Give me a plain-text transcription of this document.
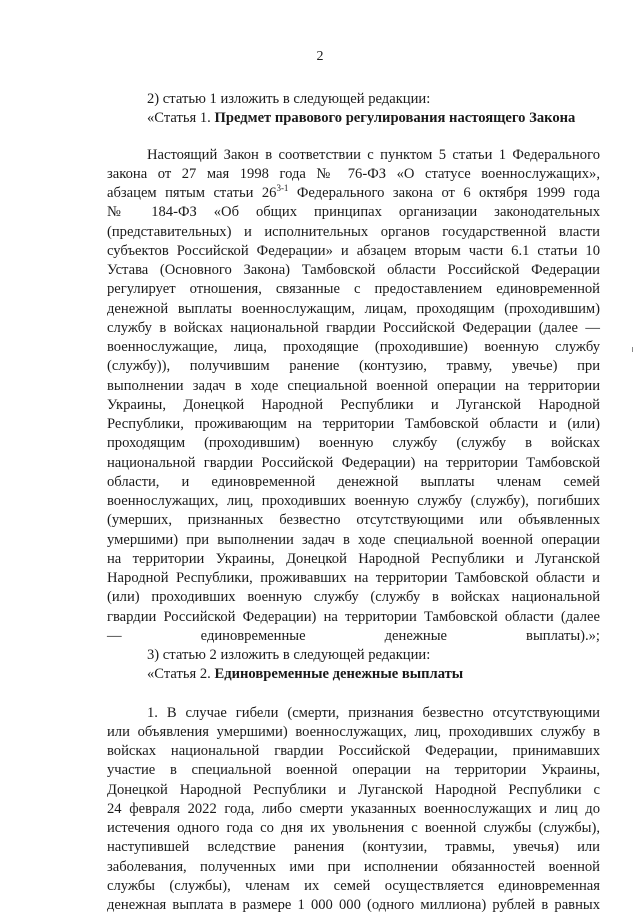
2
2) статью 1 изложить в следующей редакции:
«Статья 1. Предмет правового регулирования настоящего Закона
Настоящий Закон в соответствии с пунктом 5 статьи 1 Федерального
закона от 27 мая 1998 года № 76-ФЗ «О статусе военнослужащих»,
абзацем пятым статьи 26$^{3-1}$ Федерального закона от 6 октября 1999 года
№ 184-ФЗ «Об общих принципах организации законодательных
(представительных) и исполнительных органов государственной власти
субъектов Российской Федерации» и абзацем вторым части 6.1 статьи 10
Устава (Основного Закона) Тамбовской области Российской Федерации
регулирует отношения, связанные с предоставлением единовременной
денежной выплаты военнослужащим, лицам, проходящим (проходившим)
службу в войсках национальной гвардии Российской Федерации (далее —
военнослужащие, лица, проходящие (проходившие) военную службу
(службу)), получившим ранение (контузию, травму, увечье) при
выполнении задач в ходе специальной военной операции на территории
Украины, Донецкой Народной Республики и Луганской Народной
Республики, проживающим на территории Тамбовской области и (или)
проходящим (проходившим) военную службу (службу в войсках
национальной гвардии Российской Федерации) на территории Тамбовской
области, и единовременной денежной выплаты членам семей
военнослужащих, лиц, проходивших военную службу (службу), погибших
(умерших, признанных безвестно отсутствующими или объявленных
умершими) при выполнении задач в ходе специальной военной операции
на территории Украины, Донецкой Народной Республики и Луганской
Народной Республики, проживавших на территории Тамбовской области и
(или) проходивших военную службу (службу в войсках национальной
гвардии Российской Федерации) на территории Тамбовской области (далее
— единовременные денежные выплаты).»;
3) статью 2 изложить в следующей редакции:
«Статья 2. Единовременные денежные выплаты
1. В случае гибели (смерти, признания безвестно отсутствующими
или объявления умершими) военнослужащих, лиц, проходивших службу в
войсках национальной гвардии Российской Федерации, принимавших
участие в специальной военной операции на территории Украины,
Донецкой Народной Республики и Луганской Народной Республики с
24 февраля 2022 года, либо смерти указанных военнослужащих и лиц до
истечения одного года со дня их увольнения с военной службы (службы),
наступившей вследствие ранения (контузии, травмы, увечья) или
заболевания, полученных ими при исполнении обязанностей военной
службы (службы), членам их семей осуществляется единовременная
денежная выплата в размере 1 000 000 (одного миллиона) рублей в равных
